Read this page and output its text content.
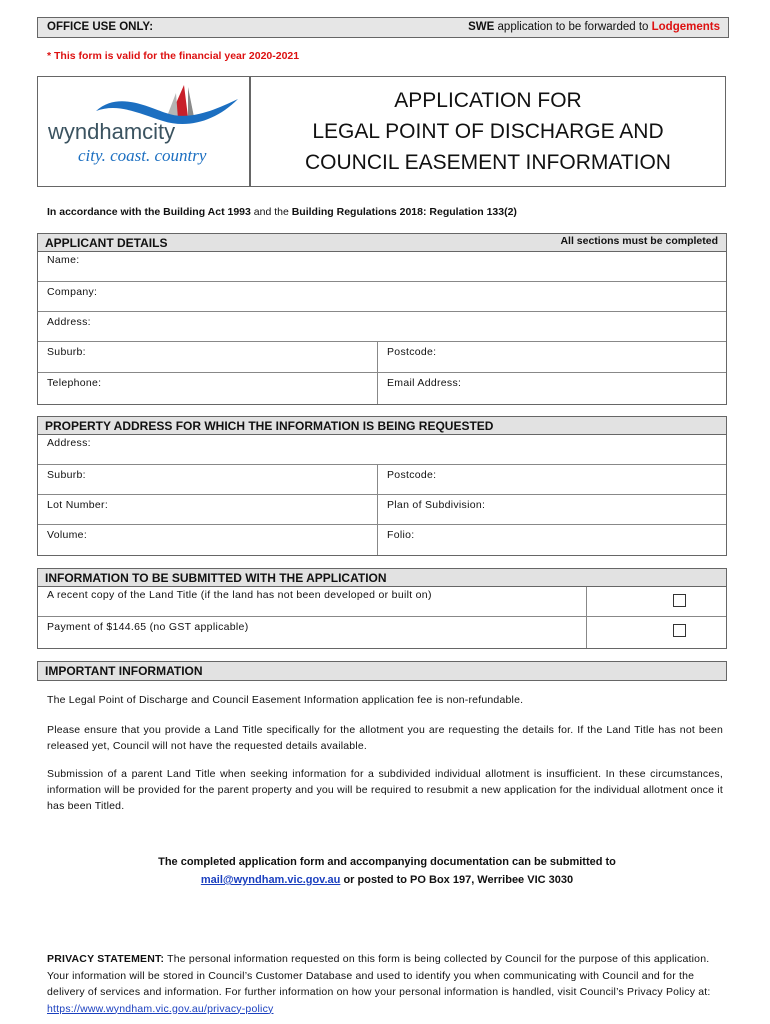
OFFICE USE ONLY:	SWE application to be forwarded to Lodgements
* This form is valid for the financial year 2020-2021
wyndhamcity
city. coast. country
APPLICATION FOR
LEGAL POINT OF DISCHARGE AND
COUNCIL EASEMENT INFORMATION
In accordance with the Building Act 1993 and the Building Regulations 2018: Regulation 133(2)
APPLICANT DETAILS	All sections must be completed
Name:
Company:
Address:
Suburb:	Postcode:
Telephone:	Email Address:
PROPERTY ADDRESS FOR WHICH THE INFORMATION IS BEING REQUESTED
Address:
Suburb:	Postcode:
Lot Number:	Plan of Subdivision:
Volume:	Folio:
INFORMATION TO BE SUBMITTED WITH THE APPLICATION
A recent copy of the Land Title (if the land has not been developed or built on)
Payment of $144.65 (no GST applicable)
IMPORTANT INFORMATION
The Legal Point of Discharge and Council Easement Information application fee is non-refundable.
Please ensure that you provide a Land Title specifically for the allotment you are requesting the details for. If the Land Title has not been released yet, Council will not have the requested details available.
Submission of a parent Land Title when seeking information for a subdivided individual allotment is insufficient. In these circumstances, information will be provided for the parent property and you will be required to resubmit a new application for the individual allotment once it has been Titled.
The completed application form and accompanying documentation can be submitted to
mail@wyndham.vic.gov.au or posted to PO Box 197, Werribee VIC 3030
PRIVACY STATEMENT: The personal information requested on this form is being collected by Council for the purpose of this application. Your information will be stored in Council’s Customer Database and used to identify you when communicating with Council and for the delivery of services and information. For further information on how your personal information is handled, visit Council’s Privacy Policy at: https://www.wyndham.vic.gov.au/privacy-policy
